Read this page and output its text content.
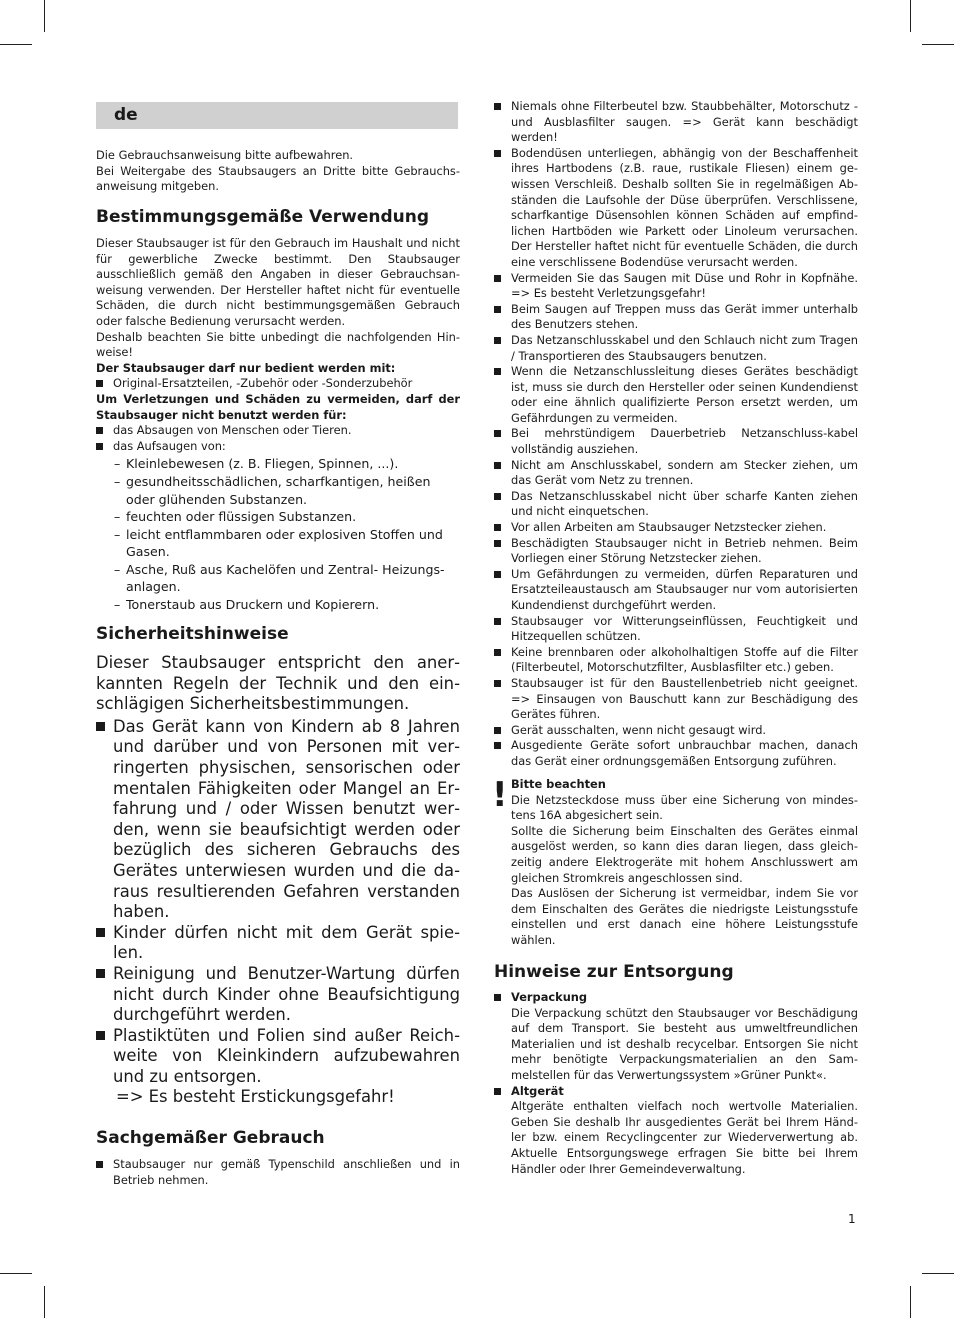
de

Die Gebrauchsanweisung bitte aufbewahren.

Bei Weitergabe des Staubsaugers an Dritte bitte Gebrauchsanweisung mitgeben.

Bestimmungsgemäße Verwendung

Dieser Staubsauger ist für den Gebrauch im Haushalt und nicht für gewerbliche Zwecke bestimmt. Den Staubsauger ausschließlich gemäß den Angaben in dieser Gebrauchsanweisung verwenden. Der Hersteller haftet nicht für eventuelle Schäden, die durch nicht bestimmungsgemäßen Gebrauch oder falsche Bedienung verursacht werden.

Deshalb beachten Sie bitte unbedingt die nachfolgenden Hinweise!

Der Staubsauger darf nur bedient werden mit:

Original-Ersatzteilen, -Zubehör oder -Sonderzubehör

Um Verletzungen und Schäden zu vermeiden, darf der Staubsauger nicht benutzt werden für:

das Absaugen von Menschen oder Tieren.
das Aufsaugen von:
– Kleinlebewesen (z. B. Fliegen, Spinnen, ...).
– gesundheitsschädlichen, scharfkantigen, heißen oder glühenden Substanzen.
– feuchten oder flüssigen Substanzen.
– leicht entflammbaren oder explosiven Stoffen und Gasen.
– Asche, Ruß aus Kachelöfen und Zentral- Heizungsanlagen.
– Tonerstaub aus Druckern und Kopierern.
Sicherheitshinweise

Dieser Staubsauger entspricht den anerkannten Regeln der Technik und den einschlägigen Sicherheitsbestimmungen.

Das Gerät kann von Kindern ab 8 Jahren und darüber und von Personen mit verringerten physischen, sensorischen oder mentalen Fähigkeiten oder Mangel an Erfahrung und / oder Wissen benutzt werden, wenn sie beaufsichtigt werden oder bezüglich des sicheren Gebrauchs des Gerätes unterwiesen wurden und die daraus resultierenden Gefahren verstanden haben.
Kinder dürfen nicht mit dem Gerät spielen.
Reinigung und Benutzer-Wartung dürfen nicht durch Kinder ohne Beaufsichtigung durchgeführt werden.
Plastiktüten und Folien sind außer Reichweite von Kleinkindern aufzubewahren und zu entsorgen.

=> Es besteht Erstickungsgefahr!

Sachgemäßer Gebrauch
Staubsauger nur gemäß Typenschild anschließen und in Betrieb nehmen.
Niemals ohne Filterbeutel bzw. Staubbehälter, Motorschutz - und Ausblasfilter saugen. => Gerät kann beschädigt werden!
Bodendüsen unterliegen, abhängig von der Beschaffenheit ihres Hartbodens (z.B. raue, rustikale Fliesen) einem gewissen Verschleiß. Deshalb sollten Sie in regelmäßigen Abständen die Laufsohle der Düse überprüfen. Verschlissene, scharfkantige Düsensohlen können Schäden auf empfindlichen Hartböden wie Parkett oder Linoleum verursachen. Der Hersteller haftet nicht für eventuelle Schäden, die durch eine verschlissene Bodendüse verursacht werden.
Vermeiden Sie das Saugen mit Düse und Rohr in Kopfnähe. => Es besteht Verletzungsgefahr!
Beim Saugen auf Treppen muss das Gerät immer unterhalb des Benutzers stehen.
Das Netzanschlusskabel und den Schlauch nicht zum Tragen / Transportieren des Staubsaugers benutzen.
Wenn die Netzanschlussleitung dieses Gerätes beschädigt ist, muss sie durch den Hersteller oder seinen Kundendienst oder eine ähnlich qualifizierte Person ersetzt werden, um Gefährdungen zu vermeiden.
Bei mehrstündigem Dauerbetrieb Netzanschluss-kabel vollständig ausziehen.
Nicht am Anschlusskabel, sondern am Stecker ziehen, um das Gerät vom Netz zu trennen.
Das Netzanschlusskabel nicht über scharfe Kanten ziehen und nicht einquetschen.
Vor allen Arbeiten am Staubsauger Netzstecker ziehen.
Beschädigten Staubsauger nicht in Betrieb nehmen. Beim Vorliegen einer Störung Netzstecker ziehen.
Um Gefährdungen zu vermeiden, dürfen Reparaturen und Ersatzteileaustausch am Staubsauger nur vom autorisierten Kundendienst durchgeführt werden.
Staubsauger vor Witterungseinflüssen, Feuchtigkeit und Hitzequellen schützen.
Keine brennbaren oder alkoholhaltigen Stoffe auf die Filter (Filterbeutel, Motorschutzfilter, Ausblasfilter etc.) geben.
Staubsauger ist für den Baustellenbetrieb nicht geeignet. => Einsaugen von Bauschutt kann zur Beschädigung des Gerätes führen.
Gerät ausschalten, wenn nicht gesaugt wird.
Ausgediente Geräte sofort unbrauchbar machen, danach das Gerät einer ordnungsgemäßen Entsorgung zuführen.
! Bitte beachten

Die Netzsteckdose muss über eine Sicherung von mindestens 16A abgesichert sein.

Sollte die Sicherung beim Einschalten des Gerätes einmal ausgelöst werden, so kann dies daran liegen, dass gleichzeitig andere Elektrogeräte mit hohem Anschlusswert am gleichen Stromkreis angeschlossen sind.

Das Auslösen der Sicherung ist vermeidbar, indem Sie vor dem Einschalten des Gerätes die niedrigste Leistungsstufe einstellen und erst danach eine höhere Leistungsstufe wählen.

Hinweise zur Entsorgung
Verpackung

Die Verpackung schützt den Staubsauger vor Beschädigung auf dem Transport. Sie besteht aus umweltfreundlichen Materialien und ist deshalb recycelbar. Entsorgen Sie nicht mehr benötigte Verpackungsmaterialien an den Sammelstellen für das Verwertungssystem »Grüner Punkt«.

Altgerät

Altgeräte enthalten vielfach noch wertvolle Materialien. Geben Sie deshalb Ihr ausgedientes Gerät bei Ihrem Händler bzw. einem Recyclingcenter zur Wiederverwertung ab. Aktuelle Entsorgungswege erfragen Sie bitte bei Ihrem Händler oder Ihrer Gemeindeverwaltung.

1
